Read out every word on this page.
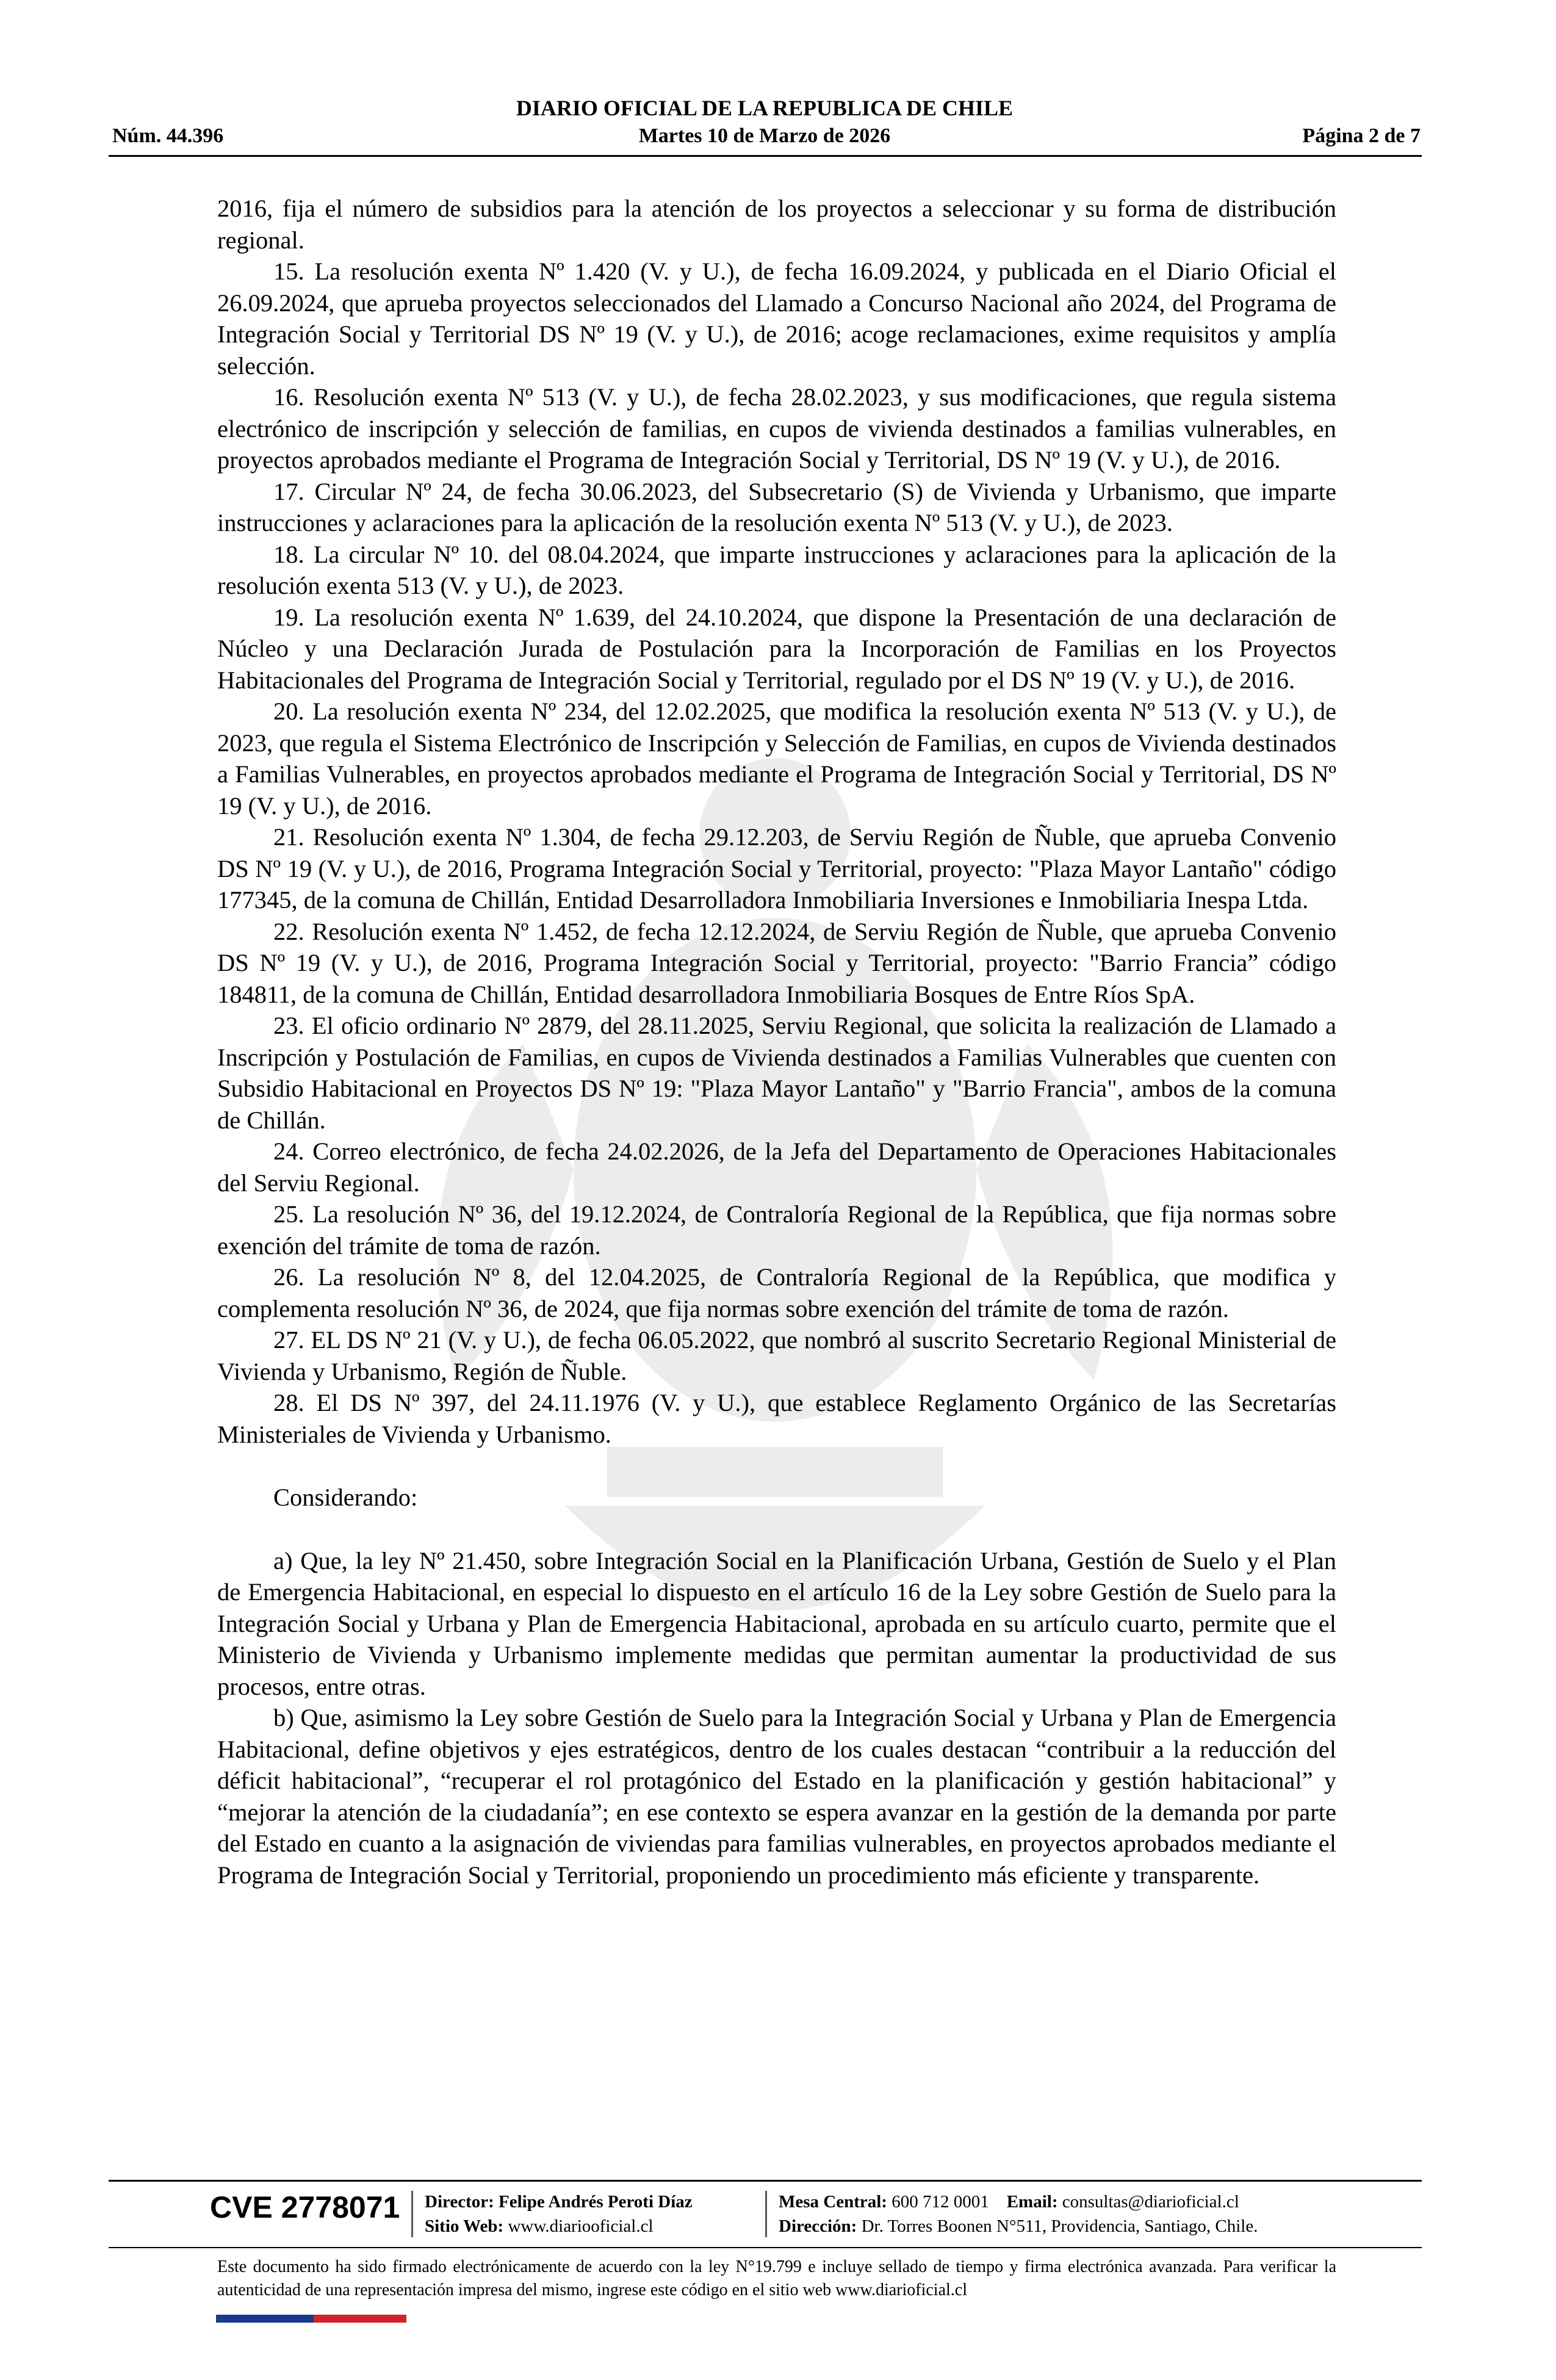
DIARIO OFICIAL DE LA REPUBLICA DE CHILE
Núm. 44.396	Martes 10 de Marzo de 2026	Página 2 de 7

2016, fija el número de subsidios para la atención de los proyectos a seleccionar y su forma de distribución regional.

15. La resolución exenta Nº 1.420 (V. y U.), de fecha 16.09.2024, y publicada en el Diario Oficial el 26.09.2024, que aprueba proyectos seleccionados del Llamado a Concurso Nacional año 2024, del Programa de Integración Social y Territorial DS Nº 19 (V. y U.), de 2016; acoge reclamaciones, exime requisitos y amplía selección.

16. Resolución exenta Nº 513 (V. y U.), de fecha 28.02.2023, y sus modificaciones, que regula sistema electrónico de inscripción y selección de familias, en cupos de vivienda destinados a familias vulnerables, en proyectos aprobados mediante el Programa de Integración Social y Territorial, DS Nº 19 (V. y U.), de 2016.

17. Circular Nº 24, de fecha 30.06.2023, del Subsecretario (S) de Vivienda y Urbanismo, que imparte instrucciones y aclaraciones para la aplicación de la resolución exenta Nº 513 (V. y U.), de 2023.

18. La circular Nº 10. del 08.04.2024, que imparte instrucciones y aclaraciones para la aplicación de la resolución exenta 513 (V. y U.), de 2023.

19. La resolución exenta Nº 1.639, del 24.10.2024, que dispone la Presentación de una declaración de Núcleo y una Declaración Jurada de Postulación para la Incorporación de Familias en los Proyectos Habitacionales del Programa de Integración Social y Territorial, regulado por el DS Nº 19 (V. y U.), de 2016.

20. La resolución exenta Nº 234, del 12.02.2025, que modifica la resolución exenta Nº 513 (V. y U.), de 2023, que regula el Sistema Electrónico de Inscripción y Selección de Familias, en cupos de Vivienda destinados a Familias Vulnerables, en proyectos aprobados mediante el Programa de Integración Social y Territorial, DS Nº 19 (V. y U.), de 2016.

21. Resolución exenta Nº 1.304, de fecha 29.12.203, de Serviu Región de Ñuble, que aprueba Convenio DS Nº 19 (V. y U.), de 2016, Programa Integración Social y Territorial, proyecto: "Plaza Mayor Lantaño" código 177345, de la comuna de Chillán, Entidad Desarrolladora Inmobiliaria Inversiones e Inmobiliaria Inespa Ltda.

22. Resolución exenta Nº 1.452, de fecha 12.12.2024, de Serviu Región de Ñuble, que aprueba Convenio DS Nº 19 (V. y U.), de 2016, Programa Integración Social y Territorial, proyecto: "Barrio Francia” código 184811, de la comuna de Chillán, Entidad desarrolladora Inmobiliaria Bosques de Entre Ríos SpA.

23. El oficio ordinario Nº 2879, del 28.11.2025, Serviu Regional, que solicita la realización de Llamado a Inscripción y Postulación de Familias, en cupos de Vivienda destinados a Familias Vulnerables que cuenten con Subsidio Habitacional en Proyectos DS Nº 19: "Plaza Mayor Lantaño" y "Barrio Francia", ambos de la comuna de Chillán.

24. Correo electrónico, de fecha 24.02.2026, de la Jefa del Departamento de Operaciones Habitacionales del Serviu Regional.

25. La resolución Nº 36, del 19.12.2024, de Contraloría Regional de la República, que fija normas sobre exención del trámite de toma de razón.

26. La resolución Nº 8, del 12.04.2025, de Contraloría Regional de la República, que modifica y complementa resolución Nº 36, de 2024, que fija normas sobre exención del trámite de toma de razón.

27. EL DS Nº 21 (V. y U.), de fecha 06.05.2022, que nombró al suscrito Secretario Regional Ministerial de Vivienda y Urbanismo, Región de Ñuble.

28. El DS Nº 397, del 24.11.1976 (V. y U.), que establece Reglamento Orgánico de las Secretarías Ministeriales de Vivienda y Urbanismo.

Considerando:

a) Que, la ley Nº 21.450, sobre Integración Social en la Planificación Urbana, Gestión de Suelo y el Plan de Emergencia Habitacional, en especial lo dispuesto en el artículo 16 de la Ley sobre Gestión de Suelo para la Integración Social y Urbana y Plan de Emergencia Habitacional, aprobada en su artículo cuarto, permite que el Ministerio de Vivienda y Urbanismo implemente medidas que permitan aumentar la productividad de sus procesos, entre otras.

b) Que, asimismo la Ley sobre Gestión de Suelo para la Integración Social y Urbana y Plan de Emergencia Habitacional, define objetivos y ejes estratégicos, dentro de los cuales destacan “contribuir a la reducción del déficit habitacional”, “recuperar el rol protagónico del Estado en la planificación y gestión habitacional” y “mejorar la atención de la ciudadanía”; en ese contexto se espera avanzar en la gestión de la demanda por parte del Estado en cuanto a la asignación de viviendas para familias vulnerables, en proyectos aprobados mediante el Programa de Integración Social y Territorial, proponiendo un procedimiento más eficiente y transparente.

CVE 2778071 Director: Felipe Andrés Peroti Díaz
Sitio Web: www.diariooficial.cl
Mesa Central: 600 712 0001 Email: consultas@diarioficial.cl
Dirección: Dr. Torres Boonen N°511, Providencia, Santiago, Chile.
Este documento ha sido firmado electrónicamente de acuerdo con la ley N°19.799 e incluye sellado de tiempo y firma electrónica avanzada. Para verificar la autenticidad de una representación impresa del mismo, ingrese este código en el sitio web www.diarioficial.cl
